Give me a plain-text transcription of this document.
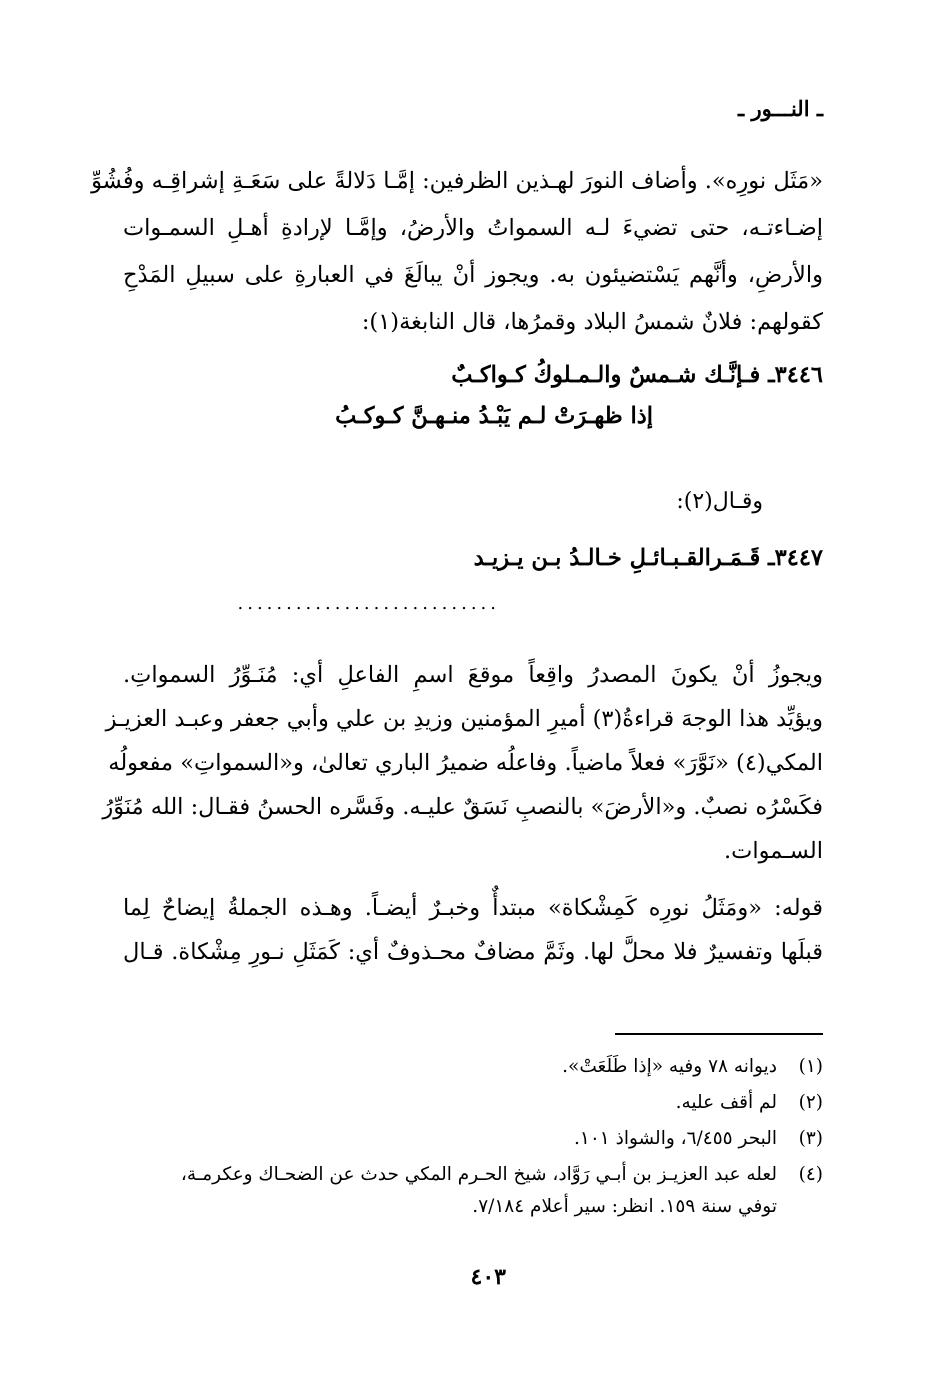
ـ النـــور ـ
«مَثَل نورِه». وأضاف النورَ لهـذين الظرفين: إمَّـا دَلالةً على سَعَـةِ إشراقِـه وفُشُوِّ
إضـاءتـه، حتى تضيءَ لـه السمواتُ والأرضُ، وإمَّـا لإرادةِ أهـلِ السمـوات
والأرضِ، وأنَّهم يَسْتضيئون به. ويجوز أنْ يبالَغَ في العبارةِ على سبيلِ المَدْحِ
كقولهم: فلانٌ شمسُ البلاد وقمرُها، قال النابغة(١):
٣٤٤٦ـ فـإنَّـك شـمسٌ والـمـلوكُ كـواكـبٌ
إذا ظهـرَتْ لـم يَبْـدُ منـهـنَّ كـوكـبُ
وقـال(٢):
٣٤٤٧ـ قَـمَـرالقـبـائـلِ خـالـدُ بـن يـزيـد
...........................
ويجوزُ أنْ يكونَ المصدرُ واقِعاً موقعَ اسمِ الفاعلِ أي: مُنَـوِّرُ السمواتِ.
ويؤيِّد هذا الوجهَ قراءةُ(٣) أميرِ المؤمنين وزيدِ بن علي وأبي جعفر وعبـد العزيـز
المكي(٤) «نَوَّرَ» فعلاً ماضياً. وفاعلُه ضميرُ الباري تعالىٰ، و«السمواتِ» مفعولُه
فكَسْرُه نصبٌ. و«الأرضَ» بالنصبِ نَسَقٌ عليـه. وفَسَّره الحسنُ فقـال: الله مُنَوِّرُ
السـموات.
قوله: «ومَثَلُ نورِه كَمِشْكاة» مبتدأٌ وخبـرٌ أيضـاً. وهـذه الجملةُ إيضاحٌ لِما
قبلَها وتفسيرٌ فلا محلَّ لها. وثَمَّ مضافٌ محـذوفٌ أي: كَمَثَلِ نـورِ مِشْكاة. قـال
(١)ديوانه ٧٨ وفيه «إذا طَلَعَتْ».
(٢)لم أقف عليه.
(٣)البحر ٦/٤٥٥، والشواذ ١٠١.
(٤)لعله عبد العزيـز بن أبـي رَوَّاد، شيخ الحـرم المكي حدث عن الضحـاك وعكرمـة،
توفي سنة ١٥٩. انظر: سير أعلام ٧/١٨٤.
٤٠٣
